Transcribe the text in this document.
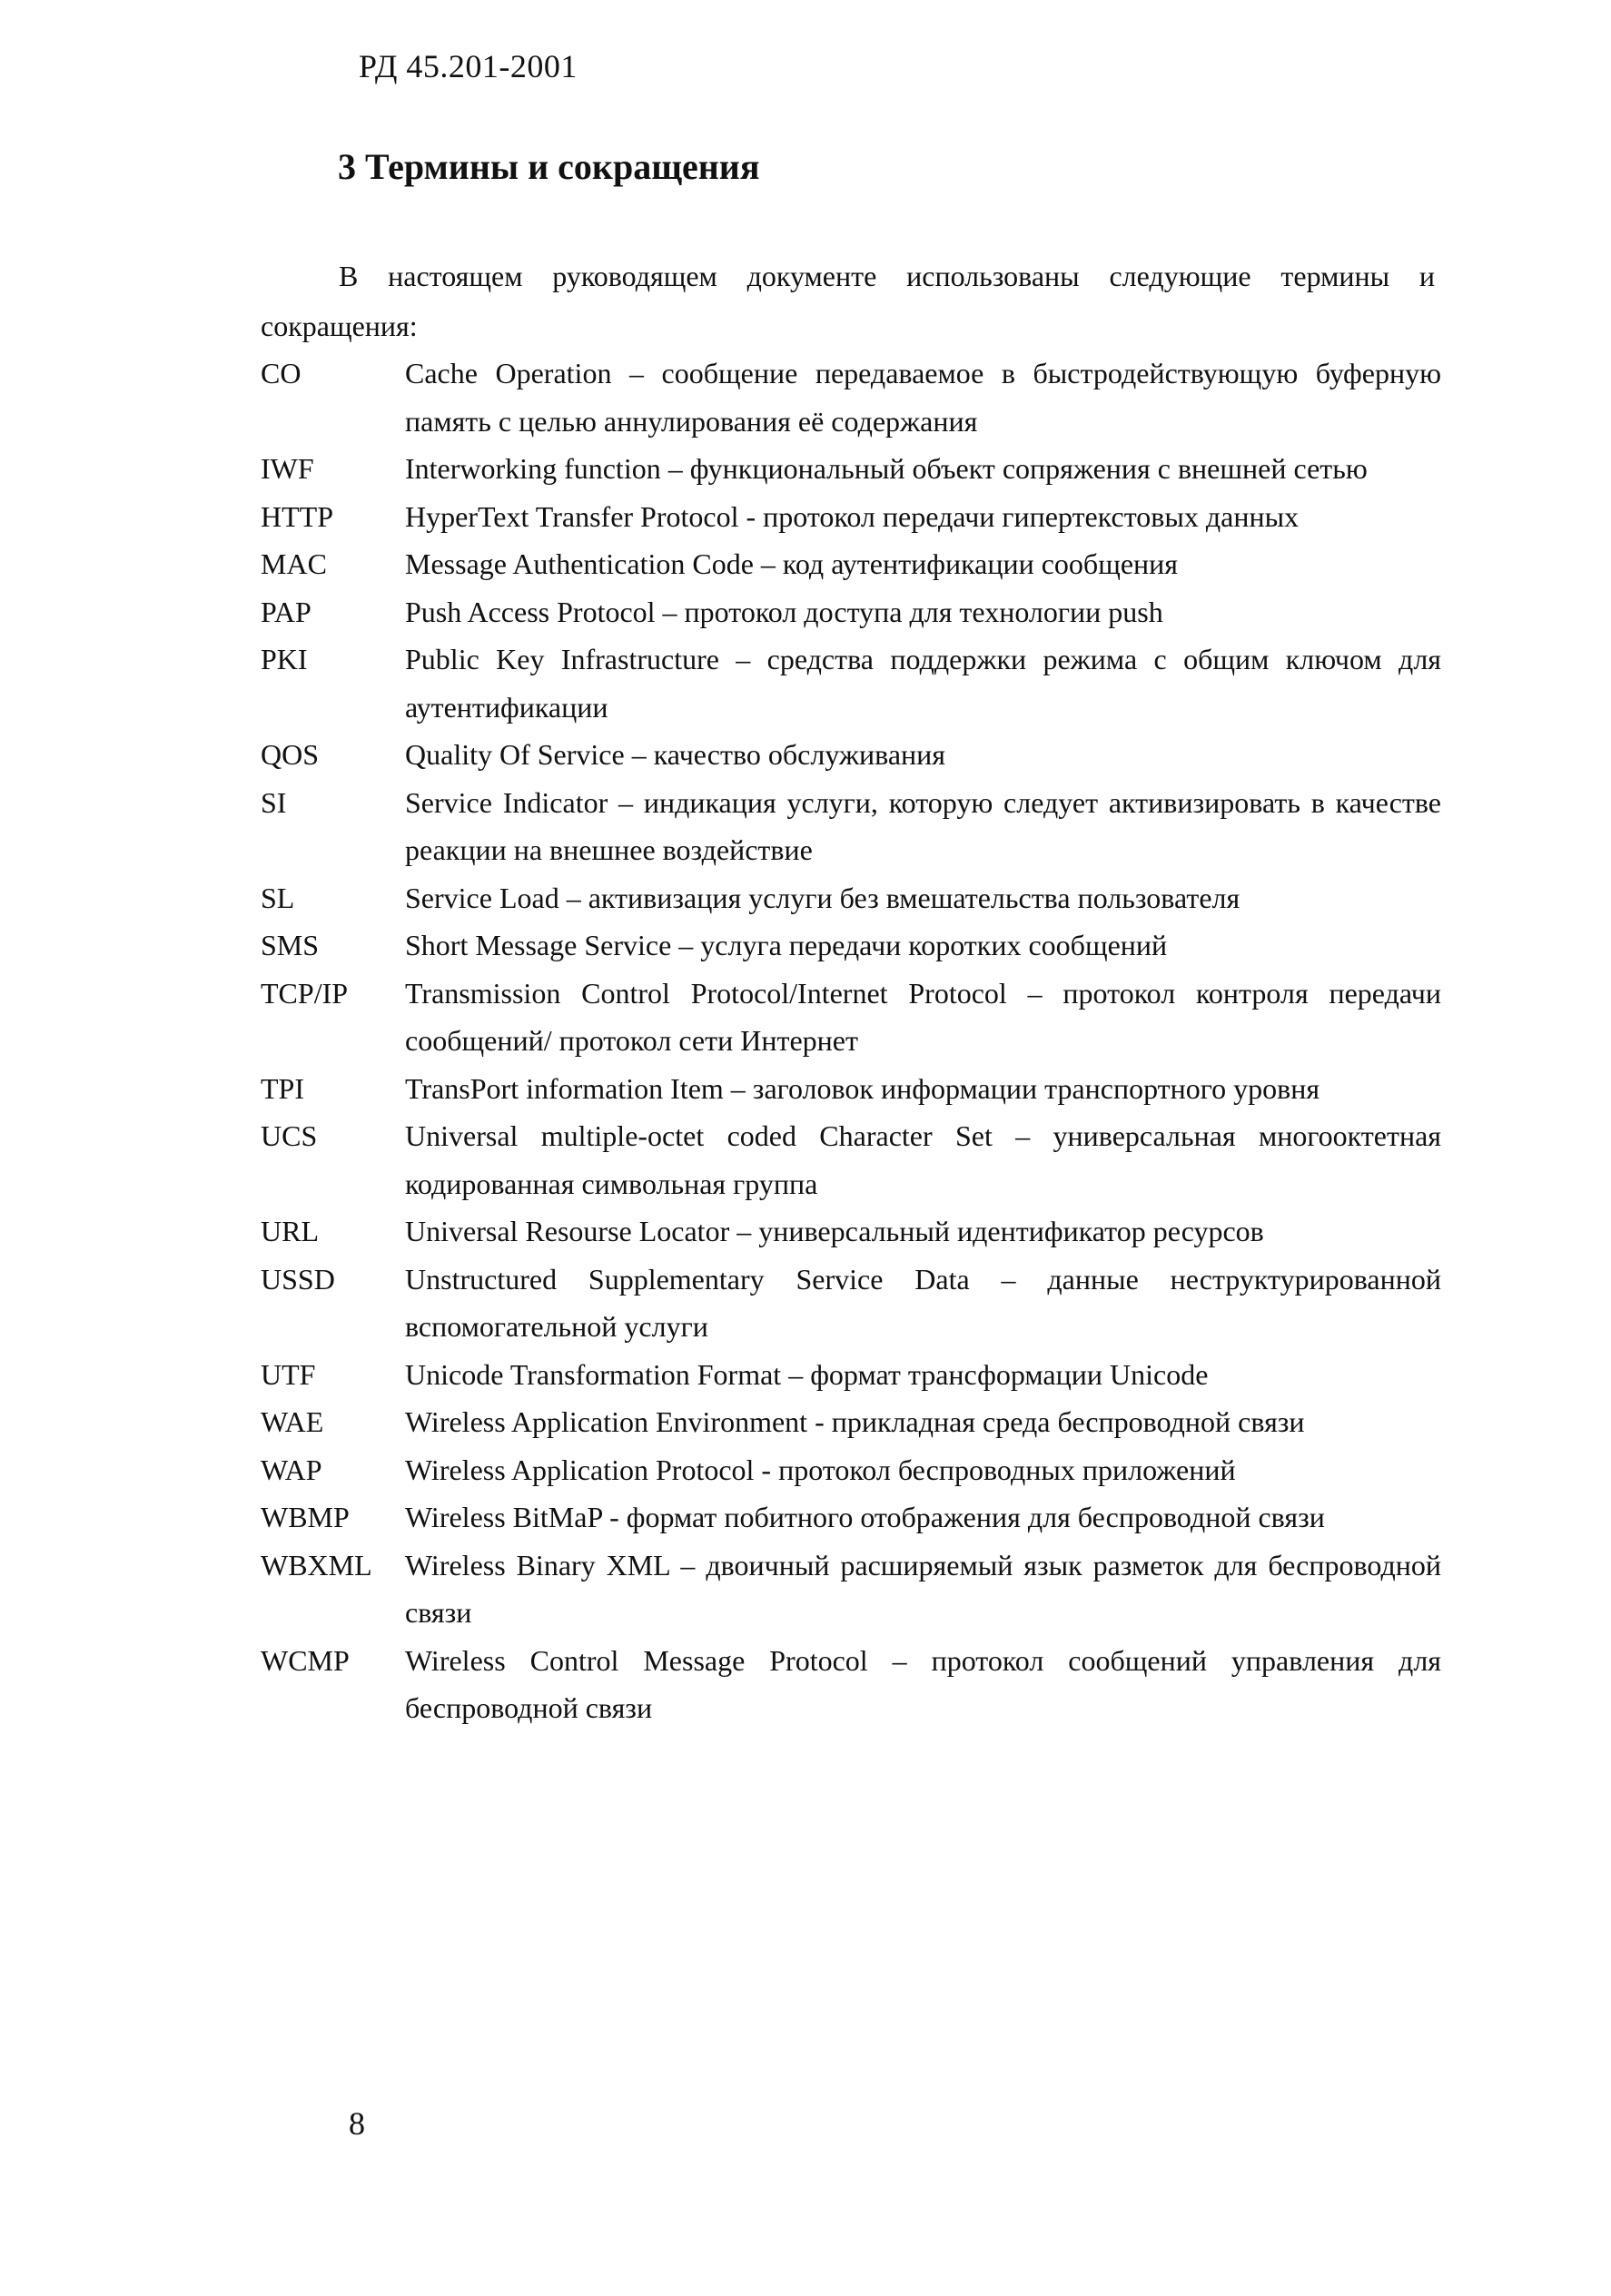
РД 45.201-2001
3 Термины и сокращения

В настоящем руководящем документе использованы следующие термины и сокращения:

CO	Cache Operation – сообщение передаваемое в быстродействующую буферную память с целью аннулирования её содержания
IWF	Interworking function – функциональный объект сопряжения с внешней сетью
HTTP	HyperText Transfer Protocol - протокол передачи гипертекстовых данных
MAC	Message Authentication Code – код аутентификации сообщения
PAP	Push Access Protocol – протокол доступа для технологии push
PKI	Public Key Infrastructure – средства поддержки режима с общим ключом для аутентификации
QOS	Quality Of Service – качество обслуживания
SI	Service Indicator – индикация услуги, которую следует активизировать в качестве реакции на внешнее воздействие
SL	Service Load – активизация услуги без вмешательства пользователя
SMS	Short Message Service – услуга передачи коротких сообщений
TCP/IP	Transmission Control Protocol/Internet Protocol – протокол контроля передачи сообщений/ протокол сети Интернет
TPI	TransPort information Item – заголовок информации транспортного уровня
UCS	Universal multiple-octet coded Character Set – универсальная многооктетная кодированная символьная группа
URL	Universal Resourse Locator – универсальный идентификатор ресурсов
USSD	Unstructured Supplementary Service Data – данные неструктурированной вспомогательной услуги
UTF	Unicode Transformation Format – формат трансформации Unicode
WAE	Wireless Application Environment - прикладная среда беспроводной связи
WAP	Wireless Application Protocol - протокол беспроводных приложений
WBMP	Wireless BitMaP - формат побитного отображения для беспроводной связи
WBXML	Wireless Binary XML – двоичный расширяемый язык разметок для беспроводной связи
WCMP	Wireless Control Message Protocol – протокол сообщений управления для беспроводной связи
8
